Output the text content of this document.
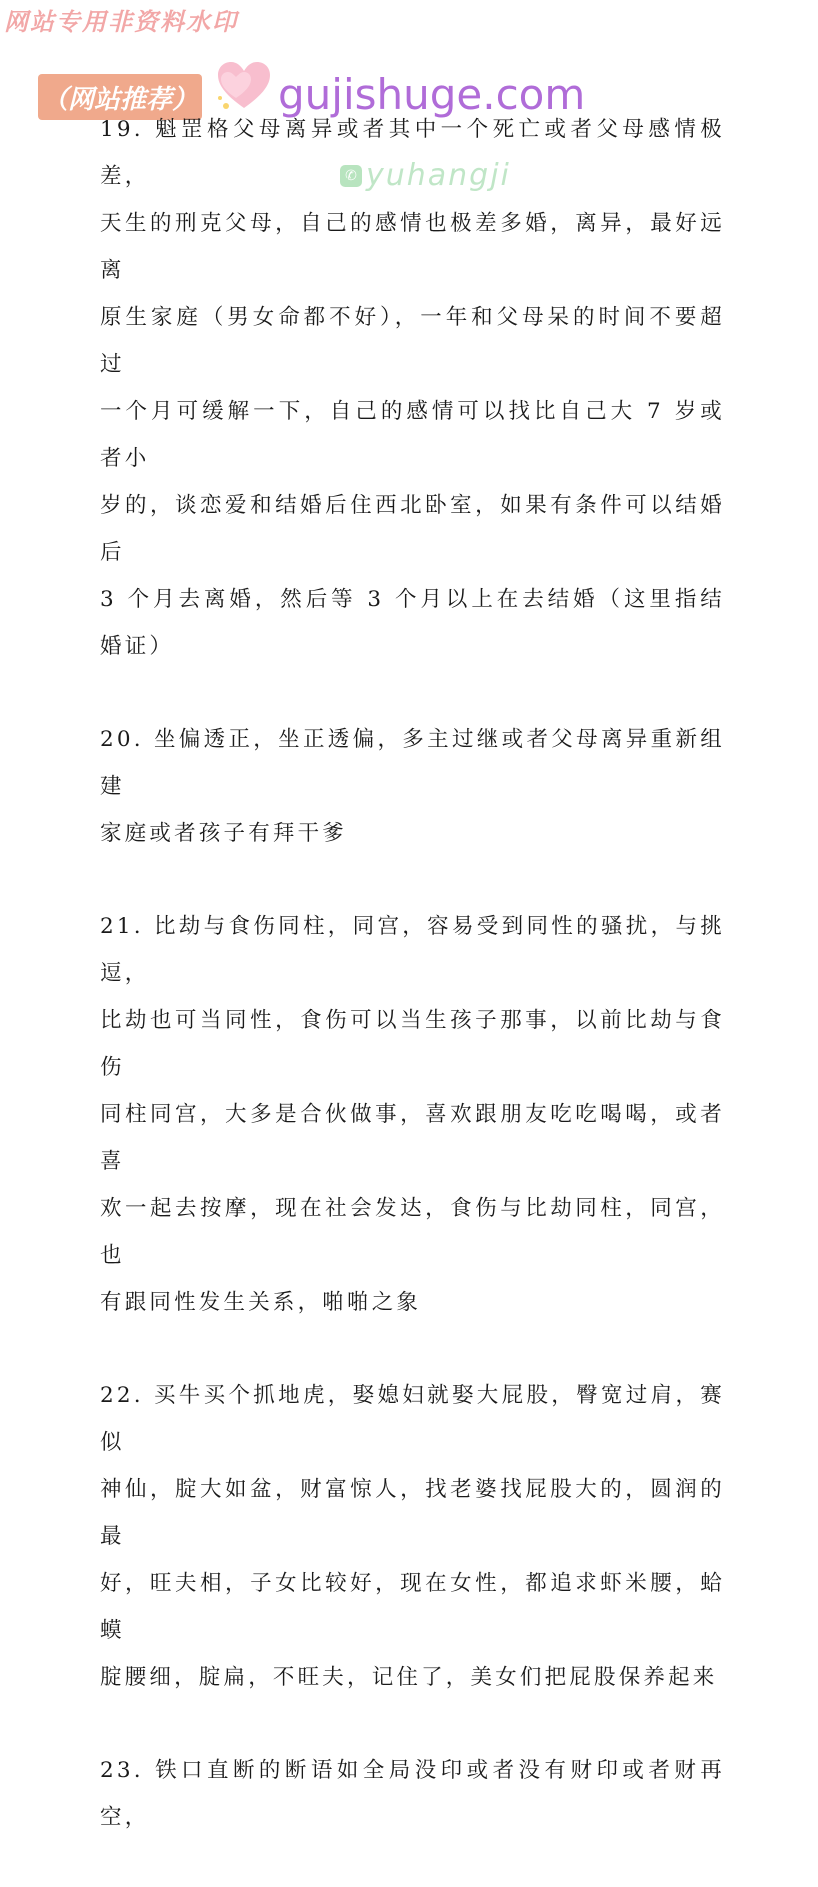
网站专用非资料水印
（网站推荐） gujishuge.com
✆ yuhangji
19. 魁罡格父母离异或者其中一个死亡或者父母感情极差，
天生的刑克父母，自己的感情也极差多婚，离异，最好远离
原生家庭（男女命都不好），一年和父母呆的时间不要超过
一个月可缓解一下，自己的感情可以找比自己大 7 岁或者小
岁的，谈恋爱和结婚后住西北卧室，如果有条件可以结婚后
3 个月去离婚，然后等 3 个月以上在去结婚（这里指结婚证）
20. 坐偏透正，坐正透偏，多主过继或者父母离异重新组建
家庭或者孩子有拜干爹
21. 比劫与食伤同柱，同宫，容易受到同性的骚扰，与挑逗，
比劫也可当同性，食伤可以当生孩子那事，以前比劫与食伤
同柱同宫，大多是合伙做事，喜欢跟朋友吃吃喝喝，或者喜
欢一起去按摩，现在社会发达，食伤与比劫同柱，同宫，也
有跟同性发生关系，啪啪之象
22. 买牛买个抓地虎，娶媳妇就娶大屁股，臀宽过肩，赛似
神仙，腚大如盆，财富惊人，找老婆找屁股大的，圆润的最
好，旺夫相，子女比较好，现在女性，都追求虾米腰，蛤蟆
腚腰细，腚扁，不旺夫，记住了，美女们把屁股保养起来
23. 铁口直断的断语如全局没印或者没有财印或者财再空，
